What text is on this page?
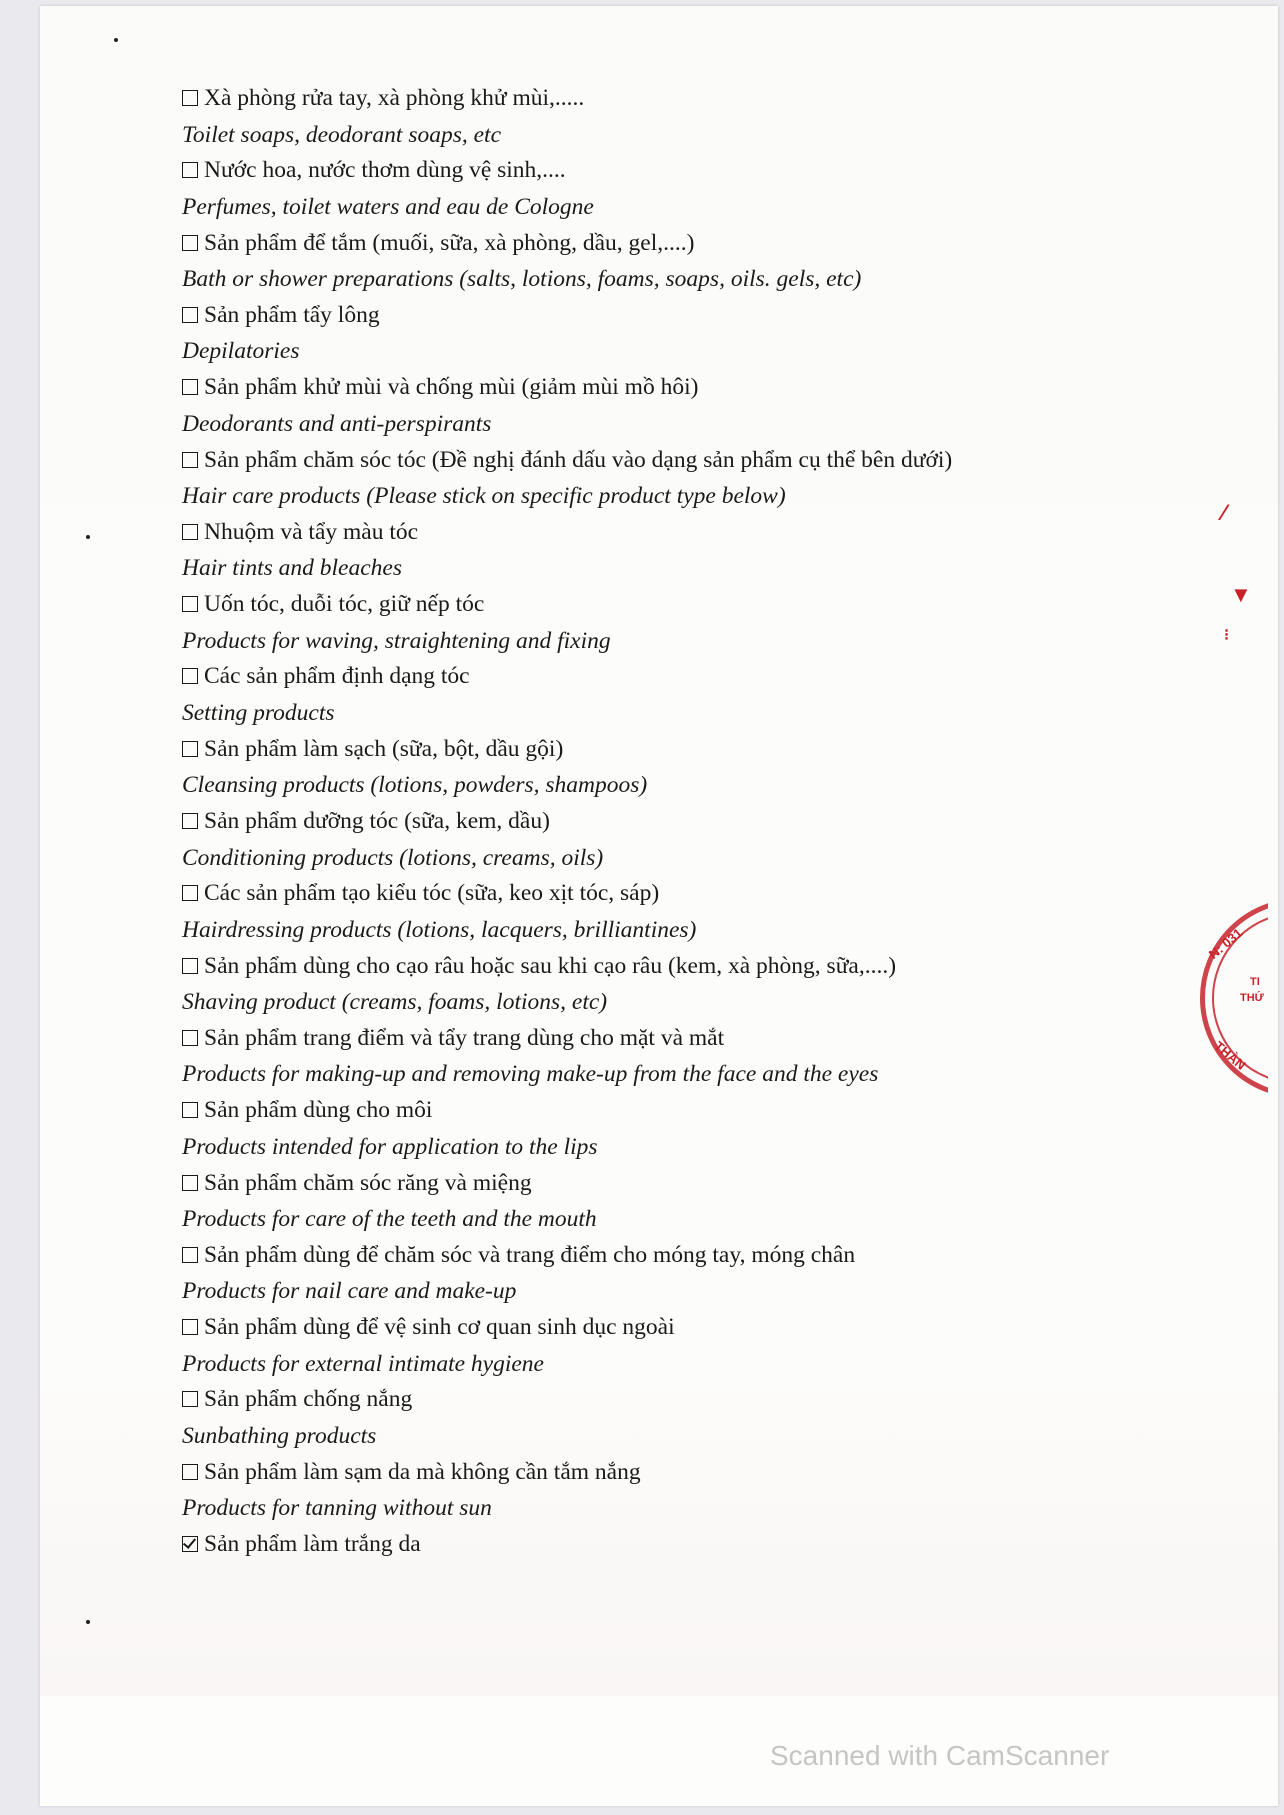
Xà phòng rửa tay, xà phòng khử mùi,.....
Toilet soaps, deodorant soaps, etc
Nước hoa, nước thơm dùng vệ sinh,....
Perfumes, toilet waters and eau de Cologne
Sản phẩm để tắm (muối, sữa, xà phòng, dầu, gel,....)
Bath or shower preparations (salts, lotions, foams, soaps, oils. gels, etc)
Sản phẩm tẩy lông
Depilatories
Sản phẩm khử mùi và chống mùi (giảm mùi mồ hôi)
Deodorants and anti-perspirants
Sản phẩm chăm sóc tóc (Đề nghị đánh dấu vào dạng sản phẩm cụ thể bên dưới)
Hair care products (Please stick on specific product type below)
Nhuộm và tẩy màu tóc
Hair tints and bleaches
Uốn tóc, duỗi tóc, giữ nếp tóc
Products for waving, straightening and fixing
Các sản phẩm định dạng tóc
Setting products
Sản phẩm làm sạch (sữa, bột, dầu gội)
Cleansing products (lotions, powders, shampoos)
Sản phẩm dưỡng tóc (sữa, kem, dầu)
Conditioning products (lotions, creams, oils)
Các sản phẩm tạo kiểu tóc (sữa, keo xịt tóc, sáp)
Hairdressing products (lotions, lacquers, brilliantines)
Sản phẩm dùng cho cạo râu hoặc sau khi cạo râu (kem, xà phòng, sữa,....)
Shaving product (creams, foams, lotions, etc)
Sản phẩm trang điểm và tẩy trang dùng cho mặt và mắt
Products for making-up and removing make-up from the face and the eyes
Sản phẩm dùng cho môi
Products intended for application to the lips
Sản phẩm chăm sóc răng và miệng
Products for care of the teeth and the mouth
Sản phẩm dùng để chăm sóc và trang điểm cho móng tay, móng chân
Products for nail care and make-up
Sản phẩm dùng để vệ sinh cơ quan sinh dục ngoài
Products for external intimate hygiene
Sản phẩm chống nắng
Sunbathing products
Sản phẩm làm sạm da mà không cần tắm nắng
Products for tanning without sun
Sản phẩm làm trắng da
⁄
▼
⁝
N: 031
TI
THỨ
THÀN
Scanned with CamScanner
